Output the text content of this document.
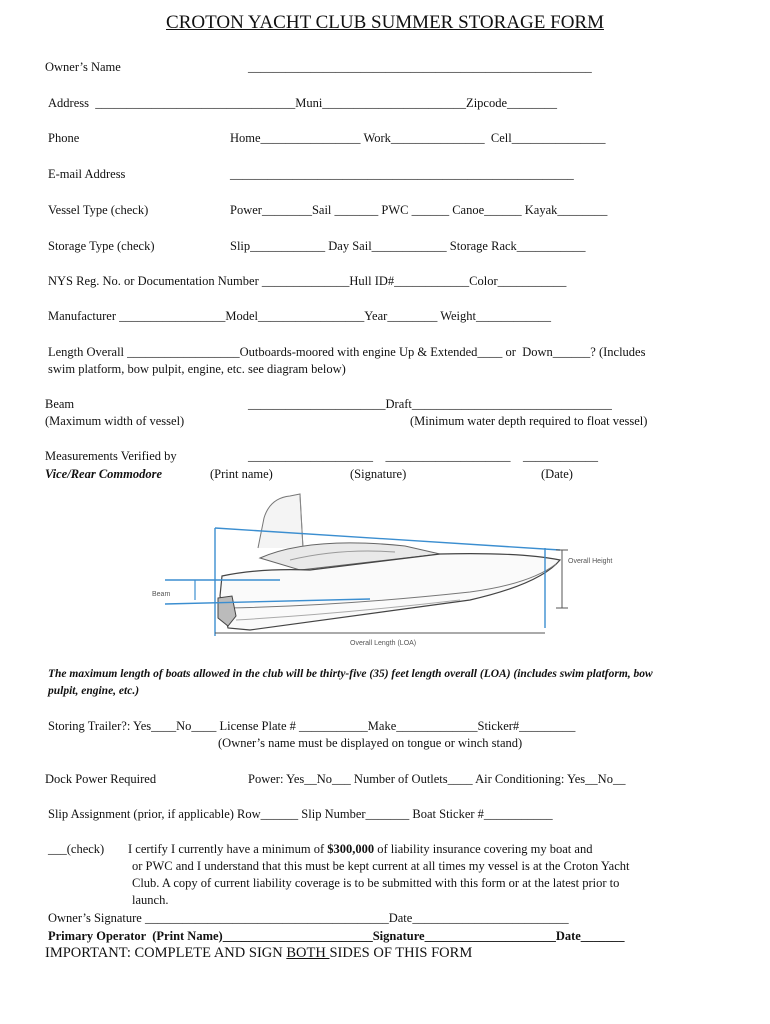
CROTON YACHT CLUB SUMMER STORAGE FORM
Owner’s Name	_______________________________________________________
Address  ________________________________Muni_______________________Zipcode________
Phone	Home________________ Work_______________  Cell_______________
E-mail Address	_______________________________________________________
Vessel Type (check)	Power________Sail _______ PWC ______ Canoe______ Kayak________
Storage Type (check)	Slip____________ Day Sail____________ Storage Rack___________
NYS Reg. No. or Documentation Number ______________Hull ID#____________Color___________
Manufacturer _________________Model_________________Year________ Weight____________
Length Overall __________________Outboards-moored with engine Up & Extended____ or  Down______? (Includes
swim platform, bow pulpit, engine, etc. see diagram below)
Beam	______________________Draft________________________________
(Maximum width of vessel)	(Minimum water depth required to float vessel)
Measurements Verified by	____________________    ____________________    ____________
Vice/Rear Commodore	(Print name)	(Signature)	(Date)
Beam
Overall Height
Overall Length (LOA)
The maximum length of boats allowed in the club will be thirty-five (35) feet length overall (LOA) (includes swim platform, bow
pulpit, engine, etc.)
Storing Trailer?: Yes____No____ License Plate # ___________Make_____________Sticker#_________
(Owner’s name must be displayed on tongue or winch stand)
Dock Power Required	Power: Yes__No___ Number of Outlets____ Air Conditioning: Yes__No__
Slip Assignment (prior, if applicable) Row______ Slip Number_______ Boat Sticker #___________
___(check) I certify I currently have a minimum of $300,000 of liability insurance covering my boat and
or PWC and I understand that this must be kept current at all times my vessel is at the Croton Yacht
Club. A copy of current liability coverage is to be submitted with this form or at the latest prior to
launch.
Owner’s Signature _______________________________________Date_________________________
Primary Operator  (Print Name)________________________Signature_____________________Date_______
IMPORTANT: COMPLETE AND SIGN BOTH SIDES OF THIS FORM
